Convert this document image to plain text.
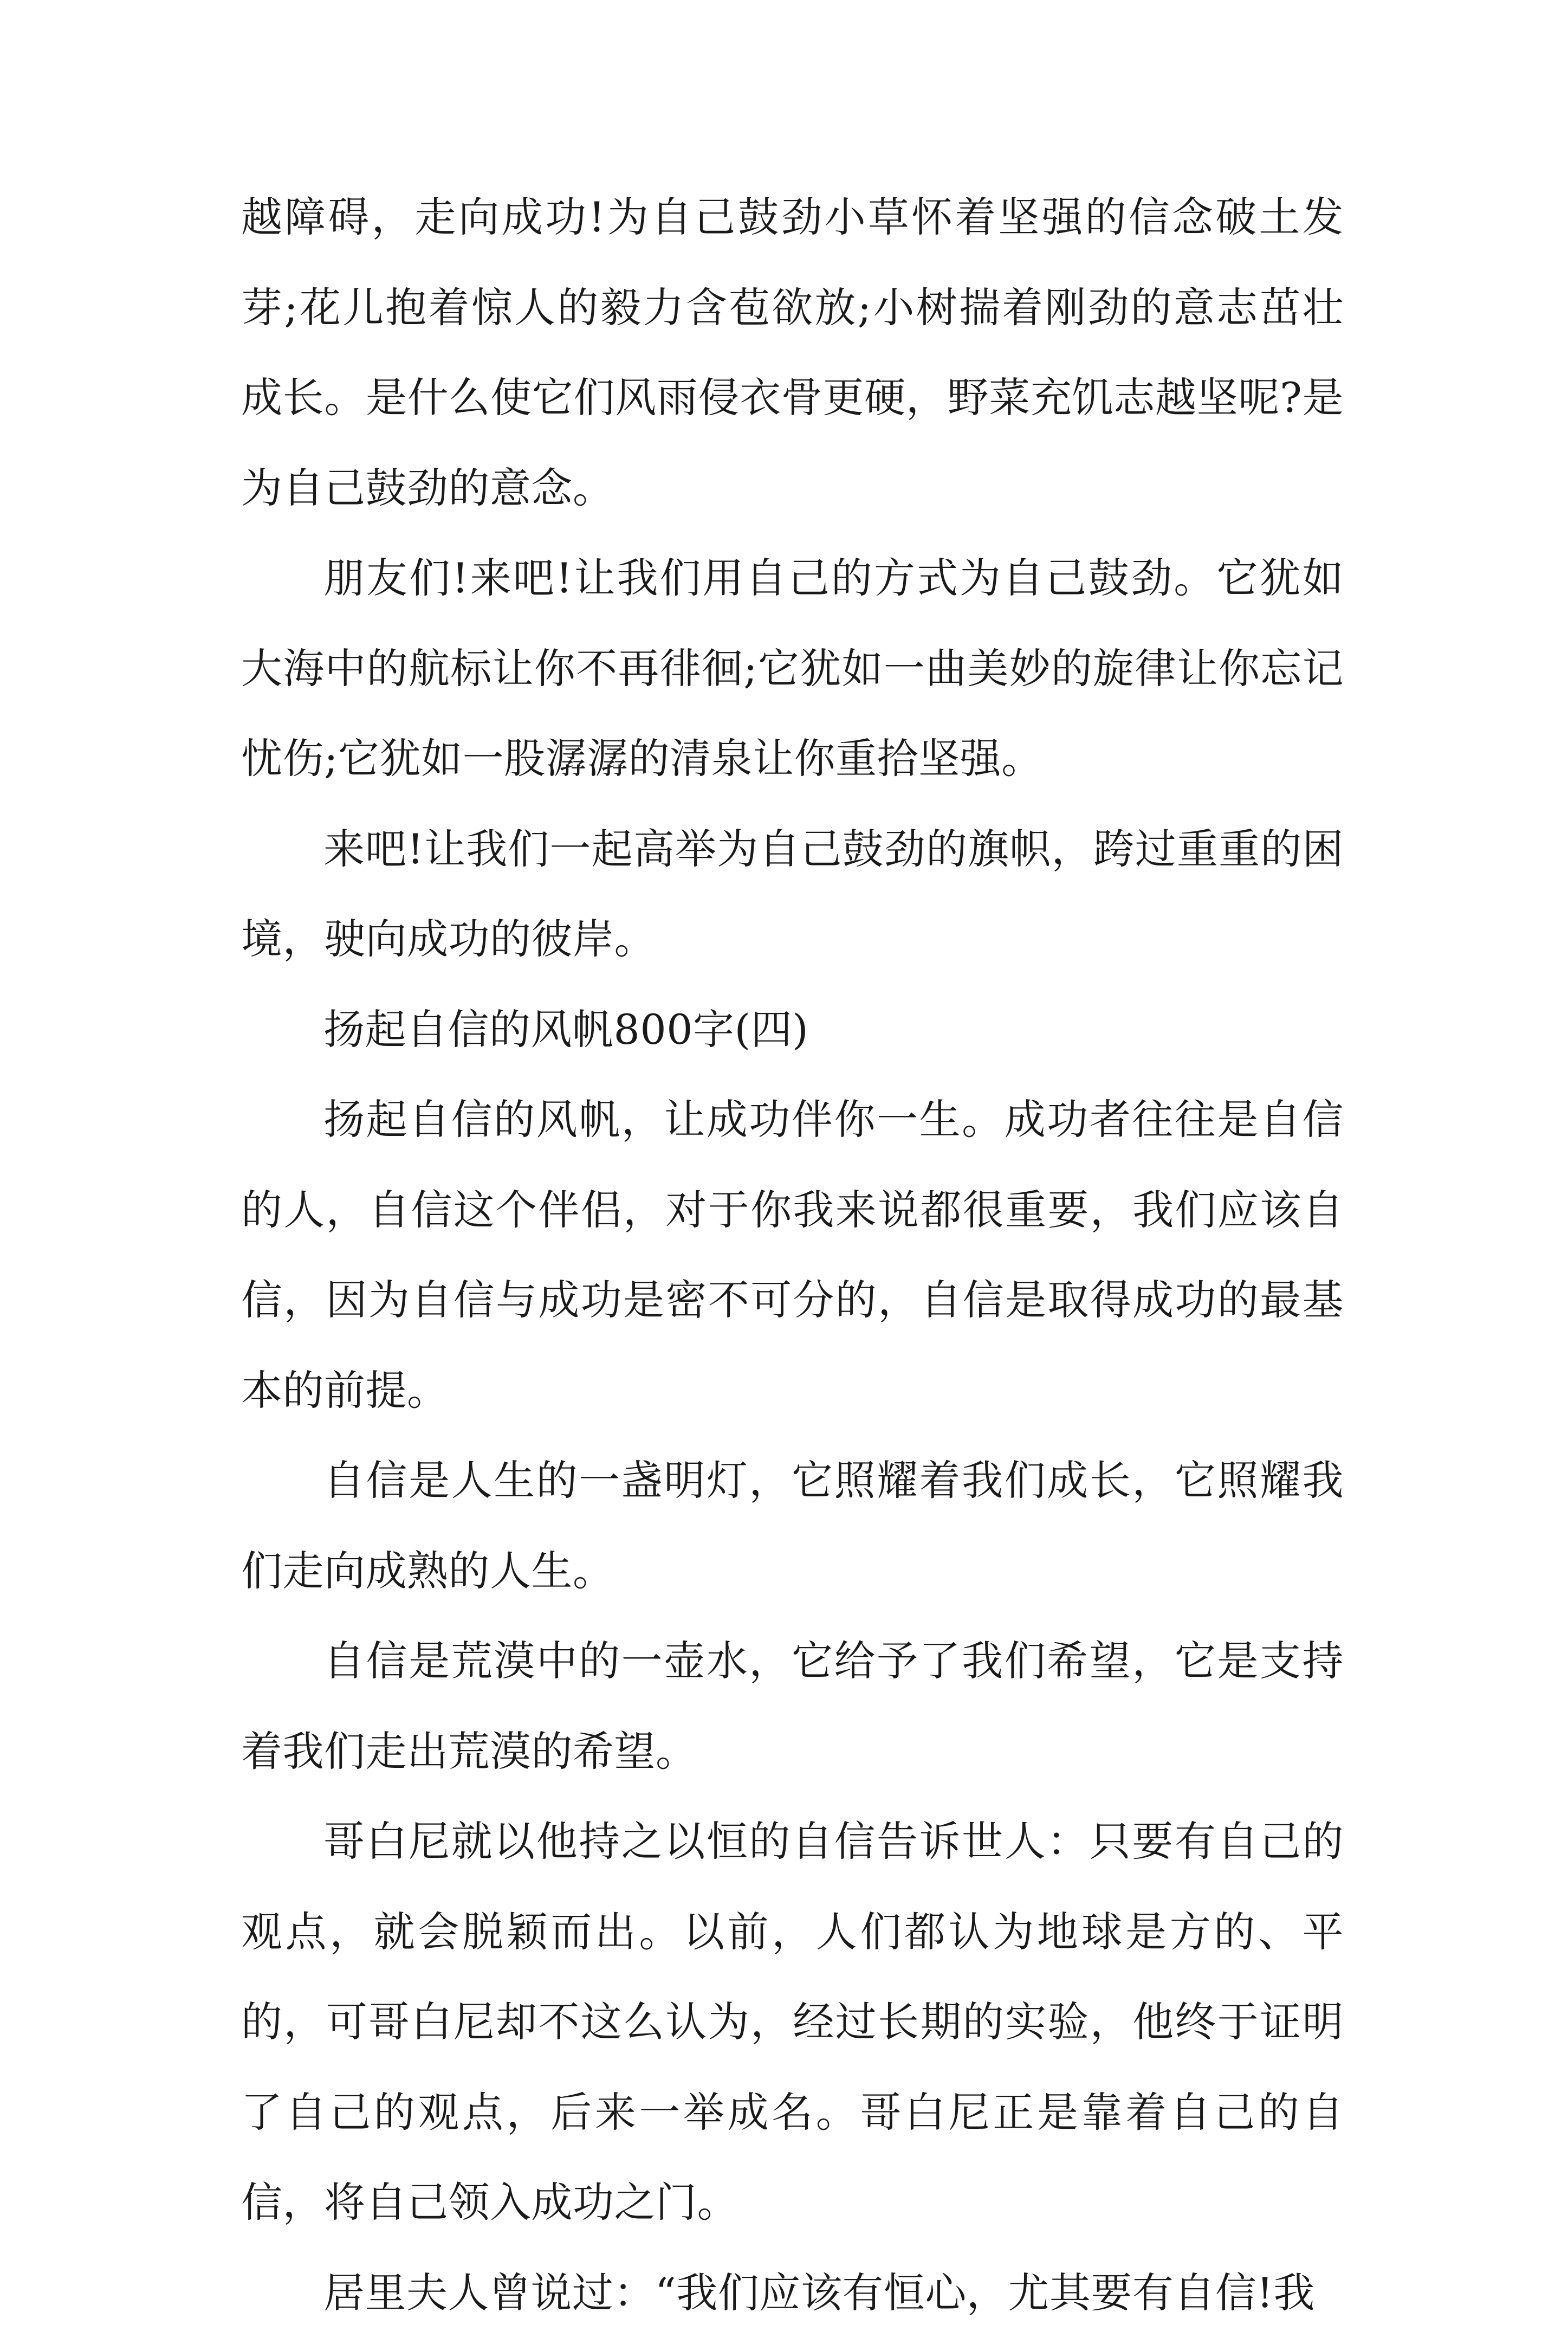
越障碍，走向成功!为自己鼓劲小草怀着坚强的信念破土发芽;花儿抱着惊人的毅力含苞欲放;小树揣着刚劲的意志茁壮成长。是什么使它们风雨侵衣骨更硬，野菜充饥志越坚呢?是为自己鼓劲的意念。

朋友们!来吧!让我们用自己的方式为自己鼓劲。它犹如大海中的航标让你不再徘徊;它犹如一曲美妙的旋律让你忘记忧伤;它犹如一股潺潺的清泉让你重拾坚强。

来吧!让我们一起高举为自己鼓劲的旗帜，跨过重重的困境，驶向成功的彼岸。

扬起自信的风帆800字(四)

扬起自信的风帆，让成功伴你一生。成功者往往是自信的人，自信这个伴侣，对于你我来说都很重要，我们应该自信，因为自信与成功是密不可分的，自信是取得成功的最基本的前提。

自信是人生的一盏明灯，它照耀着我们成长，它照耀我们走向成熟的人生。

自信是荒漠中的一壶水，它给予了我们希望，它是支持着我们走出荒漠的希望。

哥白尼就以他持之以恒的自信告诉世人：只要有自己的观点，就会脱颖而出。以前，人们都认为地球是方的、平的，可哥白尼却不这么认为，经过长期的实验，他终于证明了自己的观点，后来一举成名。哥白尼正是靠着自己的自信，将自己领入成功之门。

居里夫人曾说过：“我们应该有恒心，尤其要有自信!我
